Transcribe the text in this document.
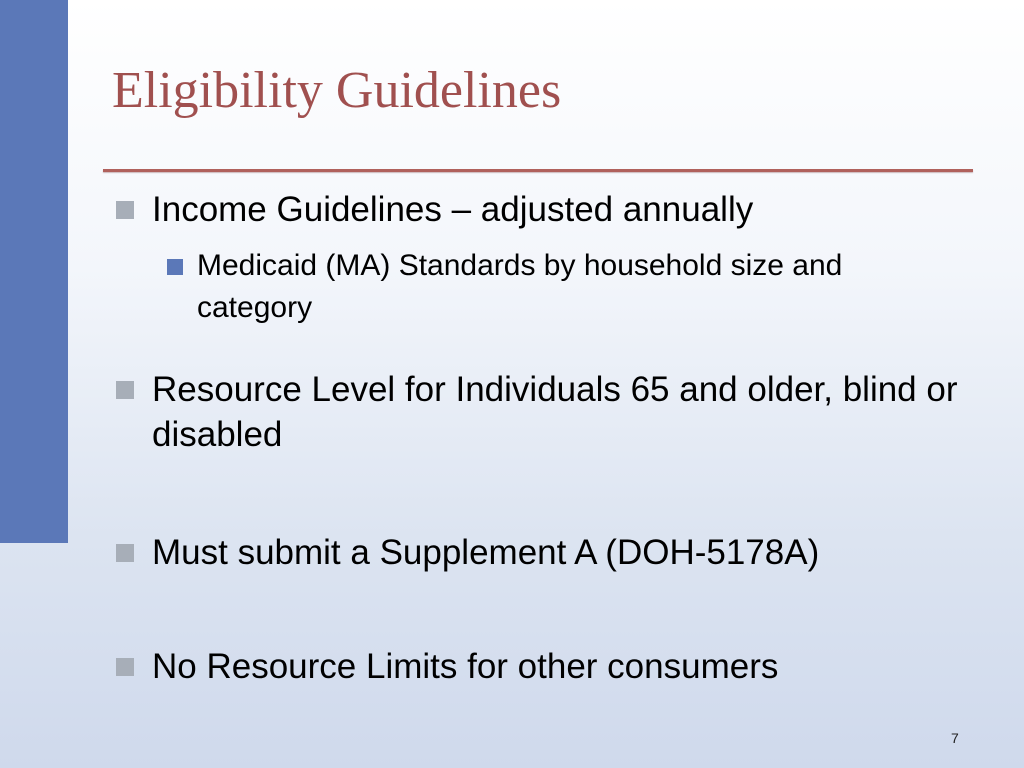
Eligibility Guidelines
Income Guidelines – adjusted annually
Medicaid (MA) Standards by household size and category
Resource Level for Individuals 65 and older, blind or disabled
Must submit a Supplement A (DOH-5178A)
No Resource Limits for other consumers
7
